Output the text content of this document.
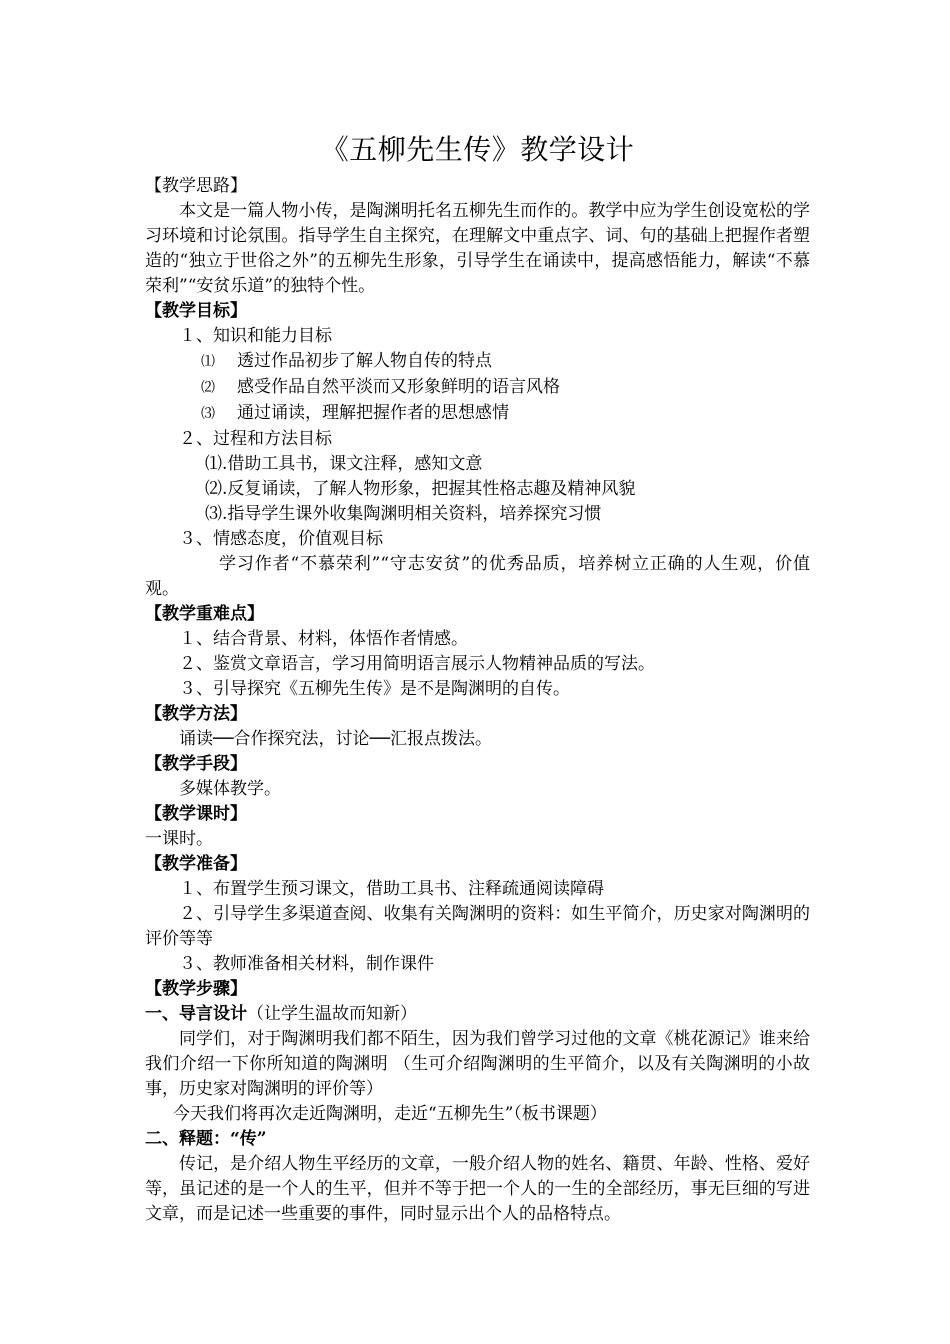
《五柳先生传》教学设计

【教学思路】

本文是一篇人物小传，是陶渊明托名五柳先生而作的。教学中应为学生创设宽松的学习环境和讨论氛围。指导学生自主探究，在理解文中重点字、词、句的基础上把握作者塑造的“独立于世俗之外”的五柳先生形象，引导学生在诵读中，提高感悟能力，解读“不慕荣利”“安贫乐道”的独特个性。

【教学目标】

１、知识和能力目标

⑴ 透过作品初步了解人物自传的特点

⑵ 感受作品自然平淡而又形象鲜明的语言风格

⑶ 通过诵读，理解把握作者的思想感情

２、过程和方法目标

⑴.借助工具书，课文注释，感知文意

⑵.反复诵读，了解人物形象，把握其性格志趣及精神风貌

⑶.指导学生课外收集陶渊明相关资料，培养探究习惯

３、情感态度，价值观目标

学习作者“不慕荣利”“守志安贫”的优秀品质，培养树立正确的人生观，价值观。

【教学重难点】

１、结合背景、材料，体悟作者情感。

２、鉴赏文章语言，学习用简明语言展示人物精神品质的写法。

３、引导探究《五柳先生传》是不是陶渊明的自传。

【教学方法】

诵读──合作探究法，讨论──汇报点拨法。

【教学手段】

多媒体教学。

【教学课时】

一课时。

【教学准备】

１、布置学生预习课文，借助工具书、注释疏通阅读障碍

２、引导学生多渠道查阅、收集有关陶渊明的资料：如生平简介，历史家对陶渊明的评价等等

３、教师准备相关材料，制作课件

【教学步骤】

一、导言设计（让学生温故而知新）

同学们，对于陶渊明我们都不陌生，因为我们曾学习过他的文章《桃花源记》谁来给我们介绍一下你所知道的陶渊明 （生可介绍陶渊明的生平简介，以及有关陶渊明的小故事，历史家对陶渊明的评价等）

今天我们将再次走近陶渊明，走近“五柳先生”（板书课题）

二、释题：“传”

传记，是介绍人物生平经历的文章，一般介绍人物的姓名、籍贯、年龄、性格、爱好等，虽记述的是一个人的生平，但并不等于把一个人的一生的全部经历，事无巨细的写进文章，而是记述一些重要的事件，同时显示出个人的品格特点。
